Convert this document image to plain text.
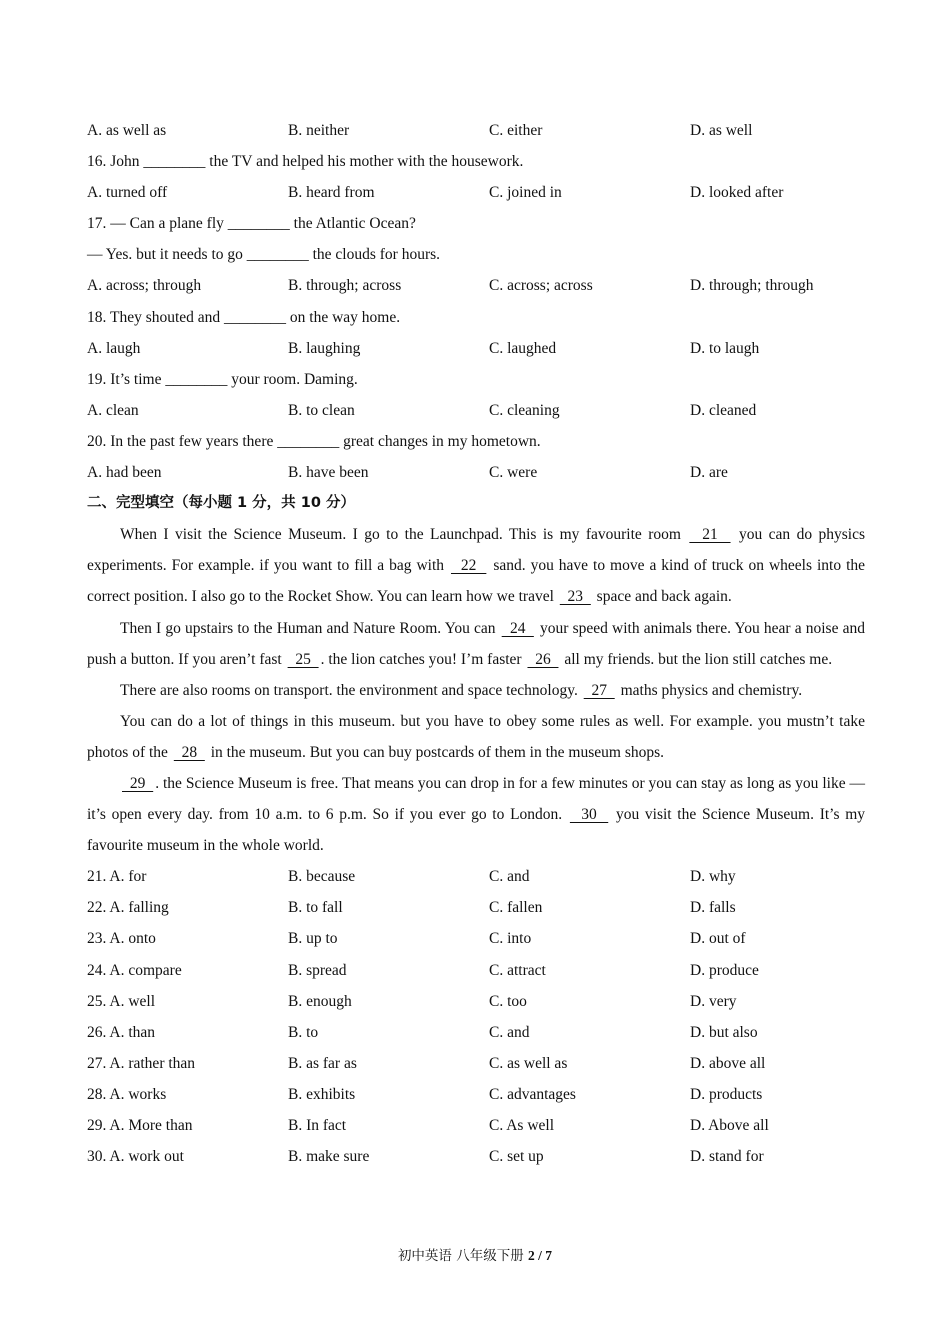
A. as well as	B. neither	C. either	D. as well
16. John ________ the TV and helped his mother with the housework.
A. turned off	B. heard from	C. joined in	D. looked after
17. — Can a plane fly ________ the Atlantic Ocean?
— Yes. but it needs to go ________ the clouds for hours.
A. across; through	B. through; across	C. across; across	D. through; through
18. They shouted and ________ on the way home.
A. laugh	B. laughing	C. laughed	D. to laugh
19. It’s time ________ your room. Daming.
A. clean	B. to clean	C. cleaning	D. cleaned
20. In the past few years there ________ great changes in my hometown.
A. had been	B. have been	C. were	D. are
二、完型填空（每小题 1 分，共 10 分）

When I visit the Science Museum. I go to the Launchpad. This is my favourite room   21   you can do physics experiments. For example. if you want to fill a bag with   22   sand. you have to move a kind of truck on wheels into the correct position. I also go to the Rocket Show. You can learn how we travel   23   space and back again.

Then I go upstairs to the Human and Nature Room. You can   24   your speed with animals there. You hear a noise and push a button. If you aren’t fast   25  . the lion catches you! I’m faster   26   all my friends. but the lion still catches me.

There are also rooms on transport. the environment and space technology.   27   maths physics and chemistry.

You can do a lot of things in this museum. but you have to obey some rules as well. For example. you mustn’t take photos of the   28   in the museum. But you can buy postcards of them in the museum shops.

29  . the Science Museum is free. That means you can drop in for a few minutes or you can stay as long as you like — it’s open every day. from 10 a.m. to 6 p.m. So if you ever go to London.   30   you visit the Science Museum. It’s my favourite museum in the whole world.

21. A. for	B. because	C. and	D. why
22. A. falling	B. to fall	C. fallen	D. falls
23. A. onto	B. up to	C. into	D. out of
24. A. compare	B. spread	C. attract	D. produce
25. A. well	B. enough	C. too	D. very
26. A. than	B. to	C. and	D. but also
27. A. rather than	B. as far as	C. as well as	D. above all
28. A. works	B. exhibits	C. advantages	D. products
29. A. More than	B. In fact	C. As well	D. Above all
30. A. work out	B. make sure	C. set up	D. stand for
初中英语 八年级下册 2 / 7
